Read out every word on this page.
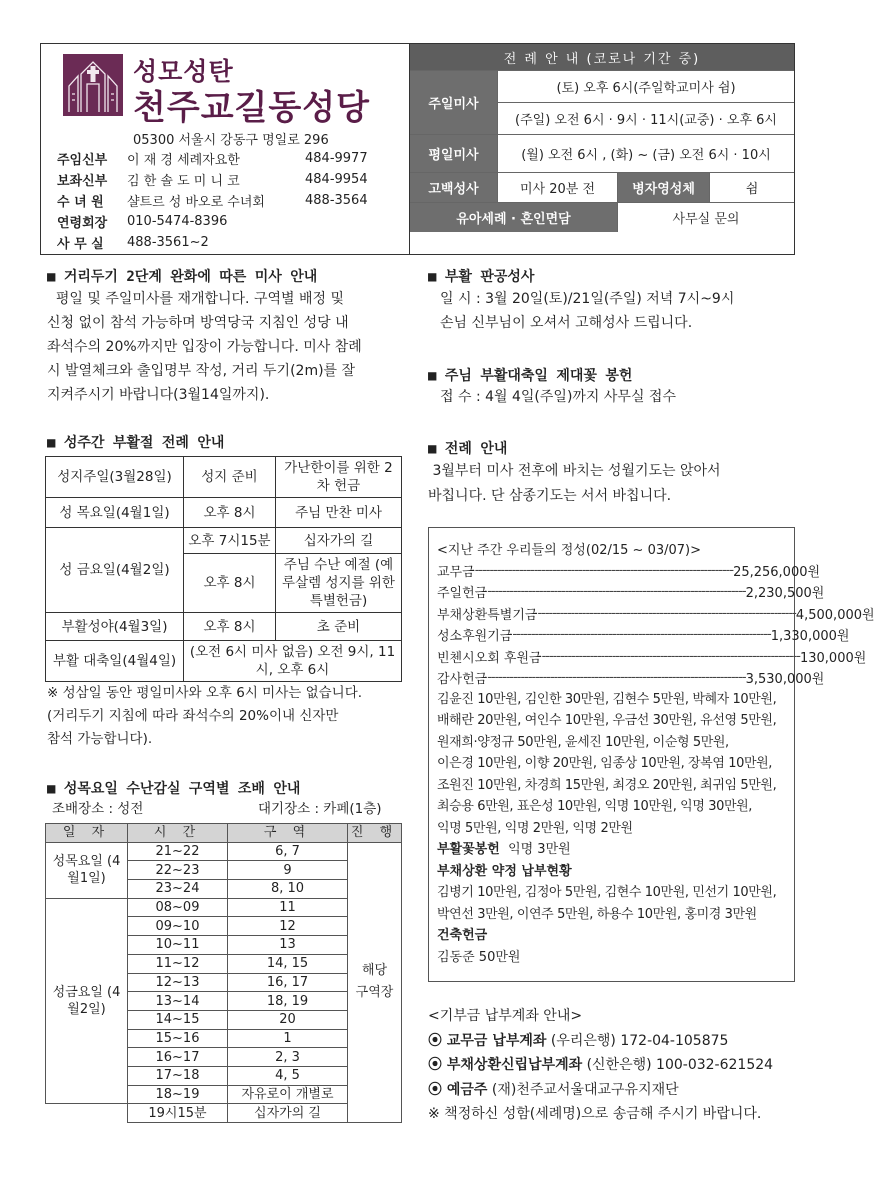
성모성탄
천주교길동성당
05300 서울시 강동구 명일로 296
주임신부	이 재 경 세례자요한	484-9977
보좌신부	김 한 솔 도 미 니 코	484-9954
수 녀 원	샬트르 성 바오로 수녀회	488-3564
연령회장	010-5474-8396
사 무 실	488-3561~2
전 례 안 내 (코로나 기간 중)
주일미사
(토) 오후 6시(주일학교미사 쉼)
(주일) 오전 6시 · 9시 · 11시(교중) · 오후 6시
평일미사	(월) 오전 6시 , (화) ~ (금) 오전 6시 · 10시
고백성사	미사 20분 전	병자영성체	쉼
유아세례 · 혼인면담	사무실 문의
■ 거리두기 2단계 완화에 따른 미사 안내
평일 및 주일미사를 재개합니다. 구역별 배정 및
신청 없이 참석 가능하며 방역당국 지침인 성당 내
좌석수의 20%까지만 입장이 가능합니다. 미사 참례
시 발열체크와 출입명부 작성, 거리 두기(2m)를 잘
지켜주시기 바랍니다(3월14일까지).
■ 성주간 부활절 전례 안내
성지주일(3월28일)	성지 준비	가난한이를 위한 2차 헌금
성 목요일(4월1일)	오후 8시	주님 만찬 미사
성 금요일(4월2일)	오후 7시15분	십자가의 길
	오후 8시	주님 수난 예절 (예루살렘 성지를 위한 특별헌금)
부활성야(4월3일)	오후 8시	초 준비
부활 대축일(4월4일)	(오전 6시 미사 없음) 오전 9시, 11시, 오후 6시	
※ 성삼일 동안 평일미사와 오후 6시 미사는 없습니다.
(거리두기 지침에 따라 좌석수의 20%이내 신자만
참석 가능합니다).
■ 성목요일 수난감실 구역별 조배 안내
조배장소 : 성전	대기장소 : 카페(1층)
일 자	시 간	구 역	진 행
성목요일 (4월1일)	21~22	6, 7	해당 구역장
	22~23	9	
	23~24	8, 10	
성금요일 (4월2일)	08~09	11	
	09~10	12	
	10~11	13	
	11~12	14, 15	
	12~13	16, 17	
	13~14	18, 19	
	14~15	20	
	15~16	1	
	16~17	2, 3	
	17~18	4, 5	
	18~19	자유로이 개별로	
	19시15분	십자가의 길	
■ 부활 판공성사
일 시 : 3월 20일(토)/21일(주일) 저녁 7시~9시
손님 신부님이 오셔서 고해성사 드립니다.
■ 주님 부활대축일 제대꽃 봉헌
접 수 : 4월 4일(주일)까지 사무실 접수
■ 전례 안내
3월부터 미사 전후에 바치는 성월기도는 앉아서
바칩니다. 단 삼종기도는 서서 바칩니다.
<지난 주간 우리들의 정성(02/15 ~ 03/07)>
교무금 ---------------------------------------------------------------------- 25,256,000원
주일헌금 ---------------------------------------------------------------------- 2,230,500원
부채상환특별기금 ---------------------------------------------------------------------- 4,500,000원
성소후원기금 ---------------------------------------------------------------------- 1,330,000원
빈첸시오회 후원금 ---------------------------------------------------------------------- 130,000원
감사헌금 ---------------------------------------------------------------------- 3,530,000원
김윤진 10만원, 김인한 30만원, 김현수 5만원, 박혜자 10만원,
배해란 20만원, 여인수 10만원, 우금선 30만원, 유선영 5만원,
원재희·양정규 50만원, 윤세진 10만원, 이순형 5만원,
이은경 10만원, 이향 20만원, 임종상 10만원, 장복염 10만원,
조원진 10만원, 차경희 15만원, 최경오 20만원, 최귀임 5만원,
최승용 6만원, 표은성 10만원, 익명 10만원, 익명 30만원,
익명 5만원, 익명 2만원, 익명 2만원
부활꽃봉헌 익명 3만원
부채상환 약정 납부현황
김병기 10만원, 김정아 5만원, 김현수 10만원, 민선기 10만원,
박연선 3만원, 이연주 5만원, 하용수 10만원, 홍미경 3만원
건축헌금
김동준 50만원
<기부금 납부계좌 안내>
⦿ 교무금 납부계좌 (우리은행) 172-04-105875
⦿ 부채상환신립납부계좌 (신한은행) 100-032-621524
⦿ 예금주 (재)천주교서울대교구유지재단
※ 책정하신 성함(세례명)으로 송금해 주시기 바랍니다.
